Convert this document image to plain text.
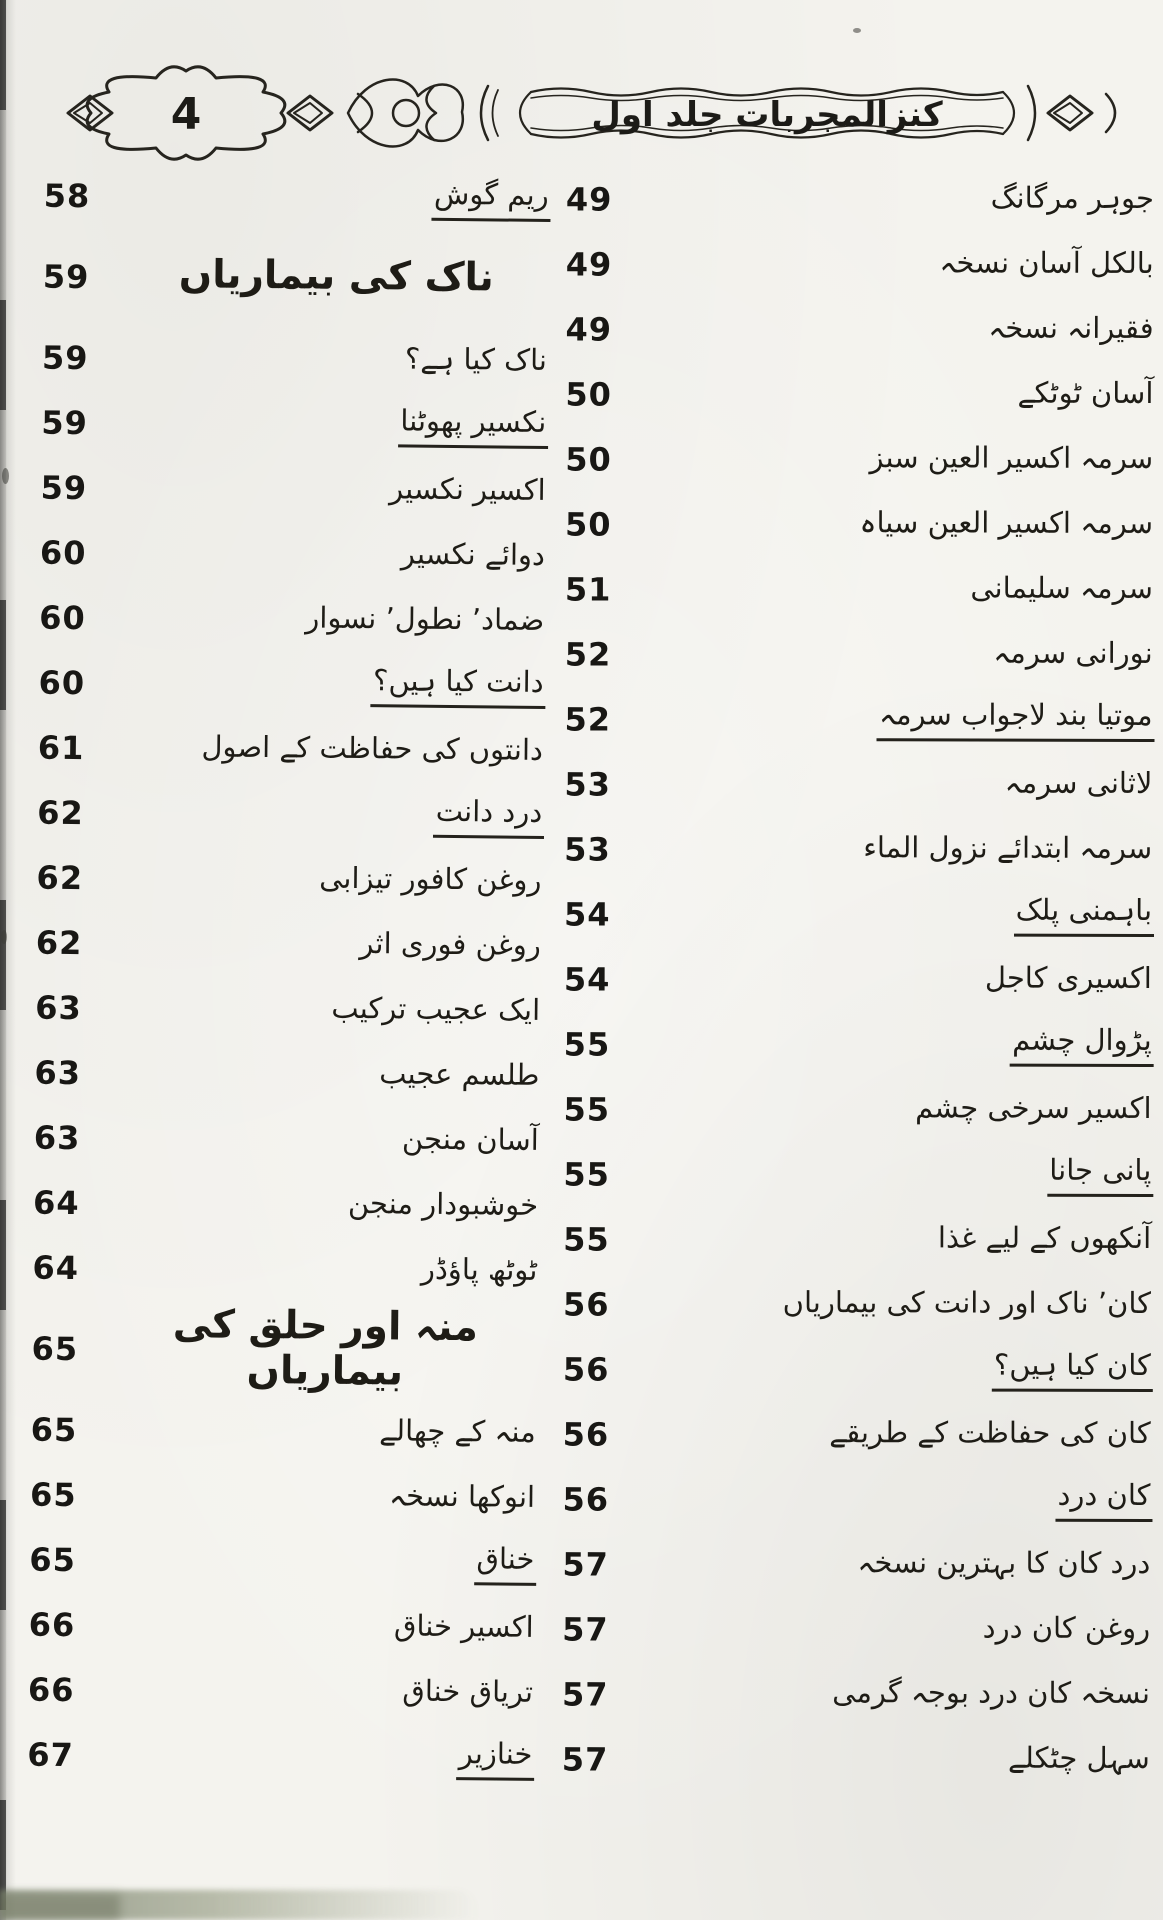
4	کنزالمجربات جلد اول
49	جوہر مرگانگ
49	بالکل آسان نسخہ
49	فقیرانہ نسخہ
50	آسان ٹوٹکے
50	سرمہ اکسیر العین سبز
50	سرمہ اکسیر العین سیاہ
51	سرمہ سلیمانی
52	نورانی سرمہ
52	موتیا بند لاجواب سرمہ
53	لاثانی سرمہ
53	سرمہ ابتدائے نزول الماء
54	باہمنی پلک
54	اکسیری کاجل
55	پڑوال چشم
55	اکسیر سرخی چشم
55	پانی جانا
55	آنکھوں کے لیے غذا
56	کان٬ ناک اور دانت کی بیماریاں
56	کان کیا ہیں؟
56	کان کی حفاظت کے طریقے
56	کان درد
57	درد کان کا بہترین نسخہ
57	روغن کان درد
57	نسخہ کان درد بوجہ گرمی
57	سہل چٹکلے
58	ریم گوش
59	ناک کی بیماریاں
59	ناک کیا ہے؟
59	نکسیر پھوٹنا
59	اکسیر نکسیر
60	دوائے نکسیر
60	ضماد٬ نطول٬ نسوار
60	دانت کیا ہیں؟
61	دانتوں کی حفاظت کے اصول
62	درد دانت
62	روغن کافور تیزابی
62	روغن فوری اثر
63	ایک عجیب ترکیب
63	طلسم عجیب
63	آسان منجن
64	خوشبودار منجن
64	ٹوٹھ پاؤڈر
65	منہ اور حلق کی بیماریاں
65	منہ کے چھالے
65	انوکھا نسخہ
65	خناق
66	اکسیر خناق
66	تریاق خناق
67	خنازیر
